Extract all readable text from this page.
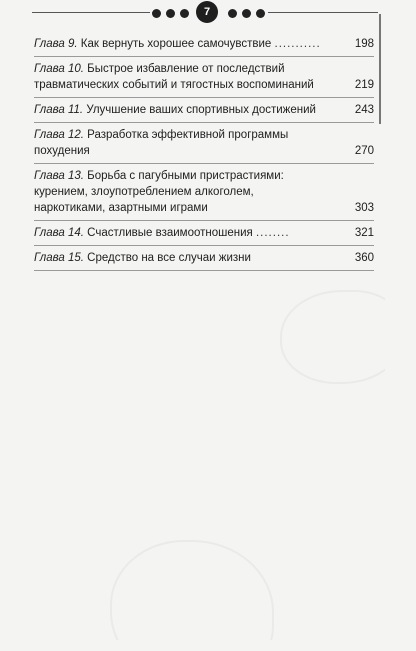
7
Глава 9. Как вернуть хорошее самочувствие ...........	198
Глава 10. Быстрое избавление от последствий травматических событий и тягостных воспоминаний	219
Глава 11. Улучшение ваших спортивных достижений	243
Глава 12. Разработка эффективной программы похудения	270
Глава 13. Борьба с пагубными пристрастиями: курением, злоупотреблением алкоголем, наркотиками, азартными играми	303
Глава 14. Счастливые взаимоотношения ........	321
Глава 15. Средство на все случаи жизни	360
